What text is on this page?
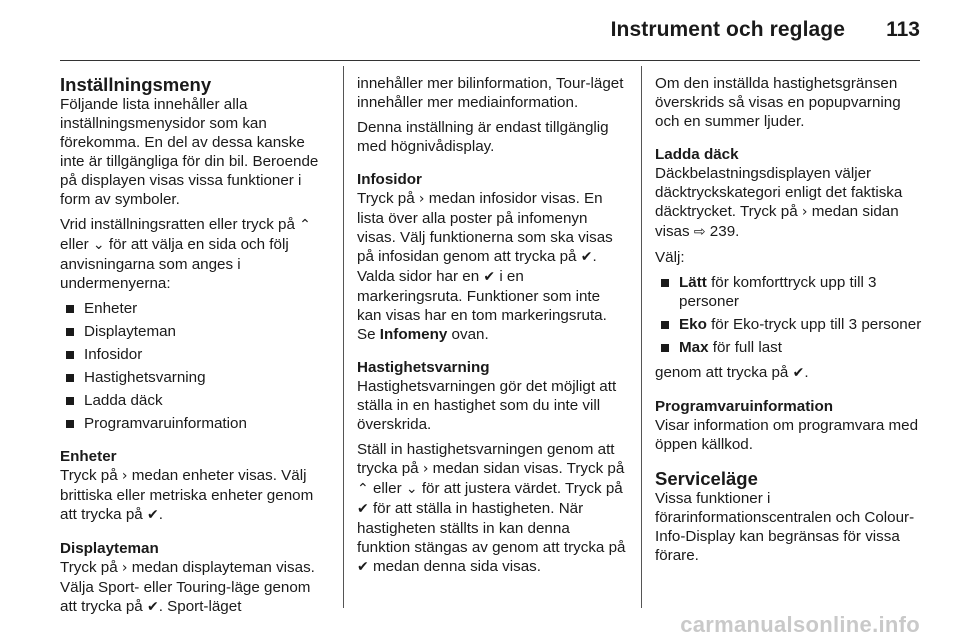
Instrument och reglage 113
Inställningsmeny
Följande lista innehåller alla inställningsmenysidor som kan förekomma. En del av dessa kanske inte är tillgängliga för din bil. Beroende på displayen visas vissa funktioner i form av symboler.
Vrid inställningsratten eller tryck på ⌃ eller ⌄ för att välja en sida och följ anvisningarna som anges i undermenyerna:
Enheter
Displayteman
Infosidor
Hastighetsvarning
Ladda däck
Programvaruinformation
Enheter
Tryck på › medan enheter visas. Välj brittiska eller metriska enheter genom att trycka på ✔.
Displayteman
Tryck på › medan displayteman visas. Välja Sport- eller Touring-läge genom att trycka på ✔. Sport-läget
innehåller mer bilinformation, Tour-läget innehåller mer mediainformation.
Denna inställning är endast tillgänglig med högnivådisplay.
Infosidor
Tryck på › medan infosidor visas. En lista över alla poster på infomenyn visas. Välj funktionerna som ska visas på infosidan genom att trycka på ✔. Valda sidor har en ✔ i en markeringsruta. Funktioner som inte kan visas har en tom markeringsruta.
Se Infomeny ovan.
Hastighetsvarning
Hastighetsvarningen gör det möjligt att ställa in en hastighet som du inte vill överskrida.
Ställ in hastighetsvarningen genom att trycka på › medan sidan visas. Tryck på ⌃ eller ⌄ för att justera värdet. Tryck på ✔ för att ställa in hastigheten. När hastigheten ställts in kan denna funktion stängas av genom att trycka på ✔ medan denna sida visas.
Om den inställda hastighetsgränsen överskrids så visas en popupvarning och en summer ljuder.
Ladda däck
Däckbelastningsdisplayen väljer däcktryckskategori enligt det faktiska däcktrycket. Tryck på › medan sidan visas ⇨ 239.
Välj:
Lätt för komforttryck upp till 3 personer
Eko för Eko-tryck upp till 3 personer
Max för full last
genom att trycka på ✔.
Programvaruinformation
Visar information om programvara med öppen källkod.
Serviceläge
Vissa funktioner i förarinformationscentralen och Colour-Info-Display kan begränsas för vissa förare.
carmanualsonline.info
